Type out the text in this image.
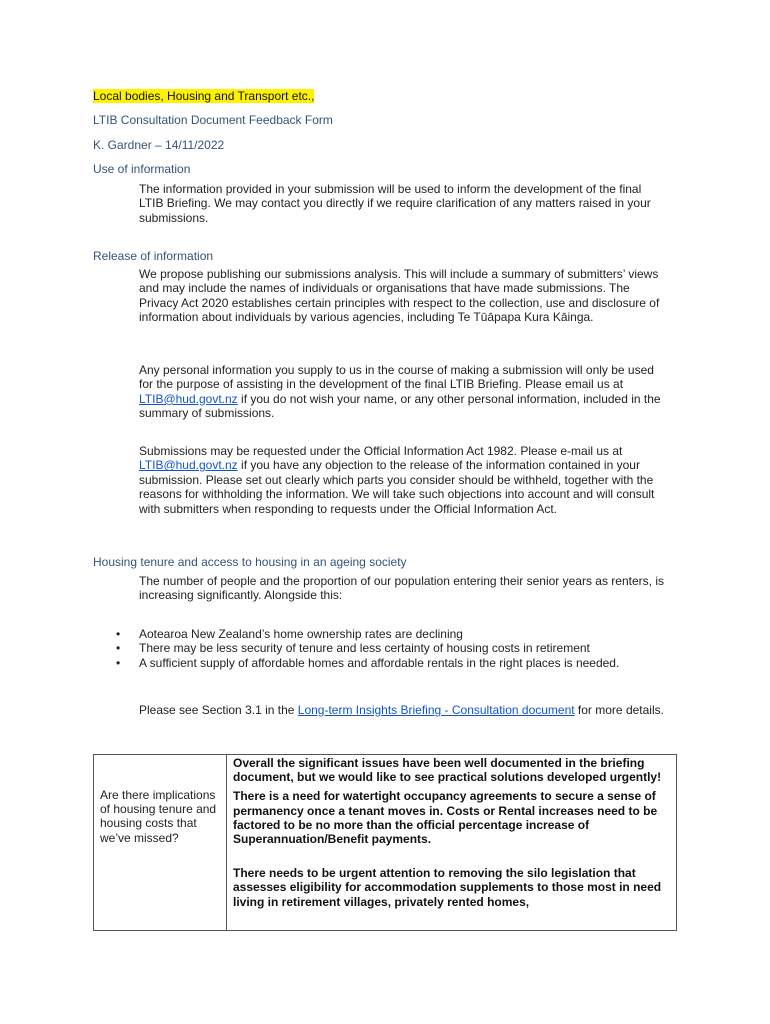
Local bodies, Housing and Transport etc.,
LTIB Consultation Document Feedback Form
K. Gardner – 14/11/2022
Use of information

The information provided in your submission will be used to inform the development of the final LTIB Briefing. We may contact you directly if we require clarification of any matters raised in your submissions.

Release of information

We propose publishing our submissions analysis. This will include a summary of submitters’ views and may include the names of individuals or organisations that have made submissions. The Privacy Act 2020 establishes certain principles with respect to the collection, use and disclosure of information about individuals by various agencies, including Te Tūāpapa Kura Kāinga.

Any personal information you supply to us in the course of making a submission will only be used for the purpose of assisting in the development of the final LTIB Briefing. Please email us at LTIB@hud.govt.nz if you do not wish your name, or any other personal information, included in the summary of submissions.

Submissions may be requested under the Official Information Act 1982. Please e-mail us at LTIB@hud.govt.nz if you have any objection to the release of the information contained in your submission. Please set out clearly which parts you consider should be withheld, together with the reasons for withholding the information. We will take such objections into account and will consult with submitters when responding to requests under the Official Information Act.

Housing tenure and access to housing in an ageing society

The number of people and the proportion of our population entering their senior years as renters, is increasing significantly. Alongside this:

• Aotearoa New Zealand’s home ownership rates are declining
• There may be less security of tenure and less certainty of housing costs in retirement
• A sufficient supply of affordable homes and affordable rentals in the right places is needed.

Please see Section 3.1 in the Long-term Insights Briefing - Consultation document for more details.

Are there implications of housing tenure and housing costs that we’ve missed?	

Overall the significant issues have been well documented in the briefing document, but we would like to see practical solutions developed urgently!

There is a need for watertight occupancy agreements to secure a sense of permanency once a tenant moves in. Costs or Rental increases need to be factored to be no more than the official percentage increase of Superannuation/Benefit payments.

There needs to be urgent attention to removing the silo legislation that assesses eligibility for accommodation supplements to those most in need living in retirement villages, privately rented homes,
